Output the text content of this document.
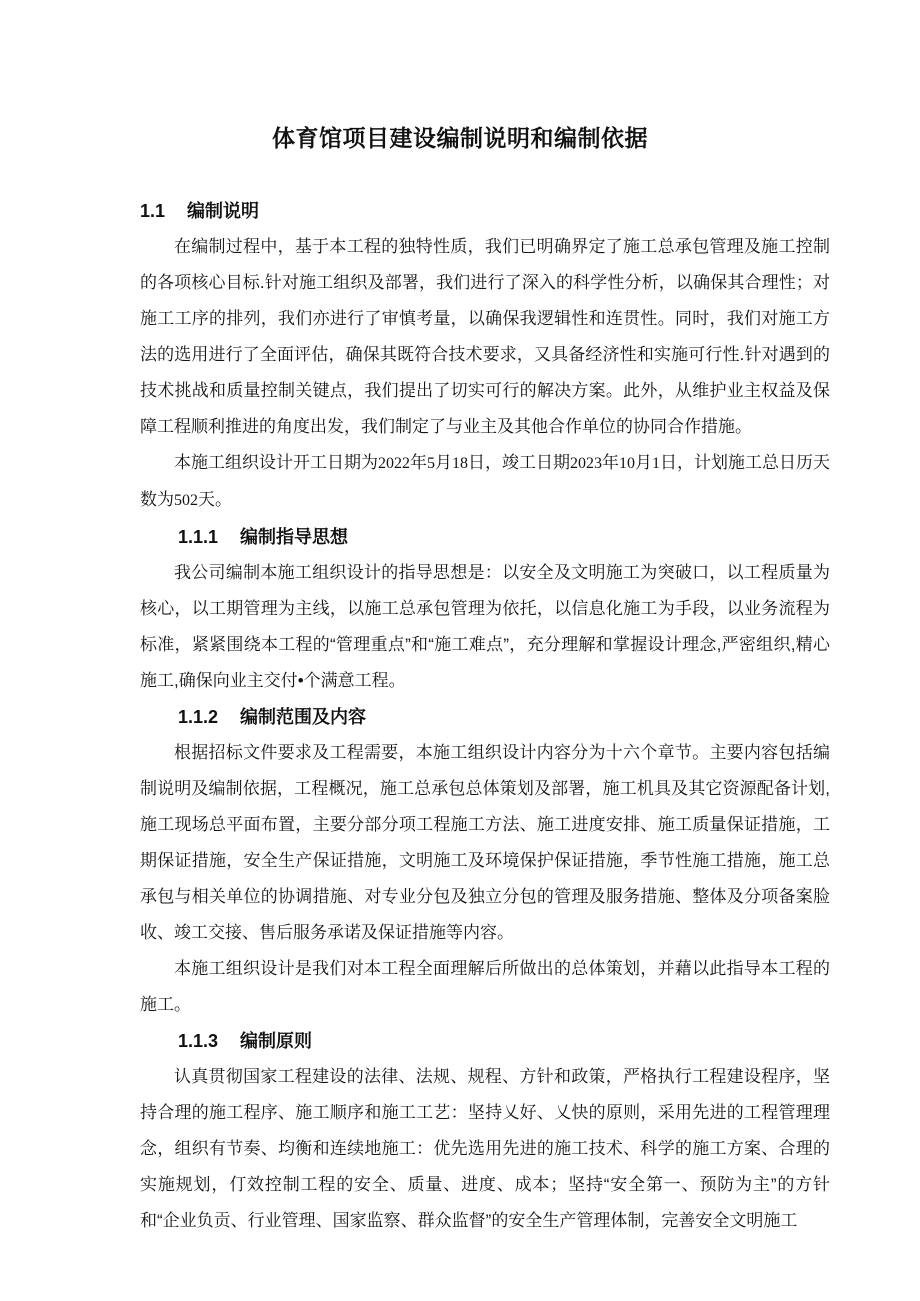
体育馆项目建设编制说明和编制依据
1.1 编制说明

在编制过程中，基于本工程的独特性质，我们已明确界定了施工总承包管理及施工控制的各项核心目标.针对施工组织及部署，我们进行了深入的科学性分析，以确保其合理性；对施工工序的排列，我们亦进行了审慎考量，以确保我逻辑性和连贯性。同时，我们对施工方法的选用进行了全面评估，确保其既符合技术要求，又具备经济性和实施可行性.针对遇到的技术挑战和质量控制关键点，我们提出了切实可行的解决方案。此外，从维护业主权益及保障工程顺利推进的角度出发，我们制定了与业主及其他合作单位的协同合作措施。

本施工组织设计开工日期为2022年5月18日，竣工日期2023年10月1日，计划施工总日历天数为502天。

1.1.1 编制指导思想

我公司编制本施工组织设计的指导思想是：以安全及文明施工为突破口，以工程质量为核心，以工期管理为主线，以施工总承包管理为依托，以信息化施工为手段，以业务流程为标准，紧紧围绕本工程的“管理重点”和“施工难点”，充分理解和掌握设计理念,严密组织,精心施工,确保向业主交付•个满意工程。

1.1.2 编制范围及内容

根据招标文件要求及工程需要，本施工组织设计内容分为十六个章节。主要内容包括编制说明及编制依据，工程概况，施工总承包总体策划及部署，施工机具及其它资源配备计划,施工现场总平面布置，主要分部分项工程施工方法、施工进度安排、施工质量保证措施，工期保证措施，安全生产保证措施，文明施工及环境保护保证措施，季节性施工措施，施工总承包与相关单位的协调措施、对专业分包及独立分包的管理及服务措施、整体及分项备案脸收、竣工交接、售后服务承诺及保证措施等内容。

本施工组织设计是我们对本工程全面理解后所做出的总体策划，并藉以此指导本工程的施工。

1.1.3 编制原则

认真贯彻国家工程建设的法律、法规、规程、方针和政策，严格执行工程建设程序，坚持合理的施工程序、施工顺序和施工工艺：坚持乂好、乂快的原则，采用先进的工程管理理念，组织有节奏、均衡和连续地施工：优先选用先进的施工技术、科学的施工方案、合理的实施规划，仃效控制工程的安全、质量、进度、成本；坚持“安全第一、预防为主”的方针和“企业负贡、行业管理、国家监察、群众监督”的安全生产管理体制，完善安全文明施工
